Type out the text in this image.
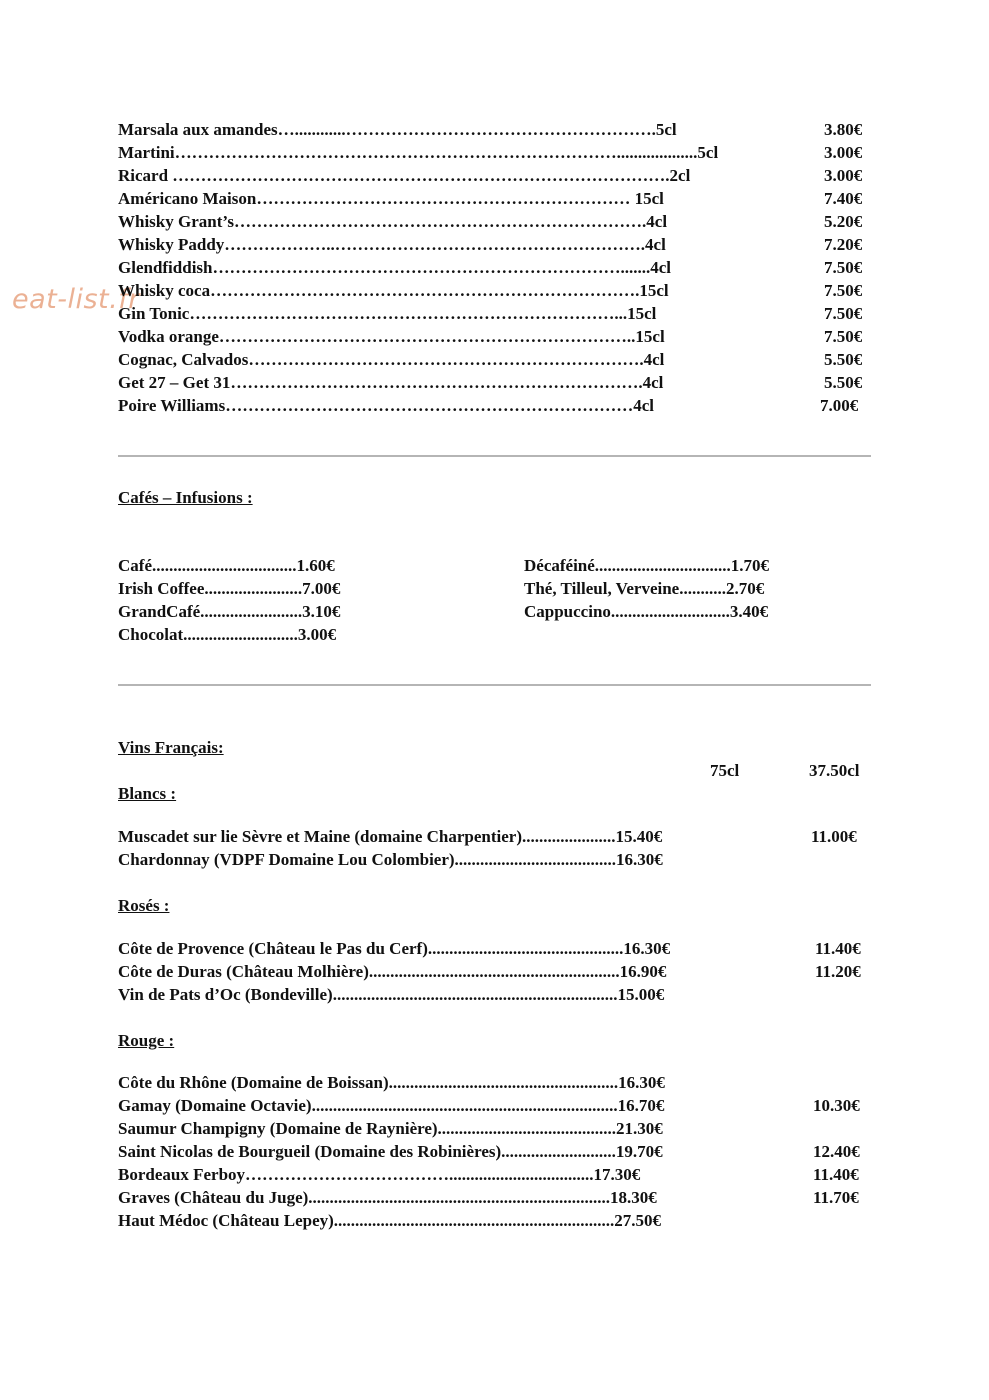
eat-list.fr
Marsala aux amandes…............……………………………………………….5cl	3.80€
Martini……………………………………………………………………...................5cl	3.00€
Ricard …………………………………………………………………………….2cl	3.00€
Américano Maison………………………………………………………… 15cl	7.40€
Whisky Grant’s……………………………………………………………….4cl	5.20€
Whisky Paddy………………..……………………………………………….4cl	7.20€
Glendfiddish……………………………………………………………….......4cl	7.50€
Whisky coca………………………………………………………………….15cl	7.50€
Gin Tonic…………………………………………………………………...15cl	7.50€
Vodka orange………………………………………………………………..15cl	7.50€
Cognac, Calvados…………………………………………………………….4cl	5.50€
Get 27 – Get 31……………………………………………………………….4cl	5.50€
Poire Williams………………………………………………………………4cl	7.00€
Cafés – Infusions :
Café..................................1.60€
Irish Coffee.......................7.00€
GrandCafé........................3.10€
Chocolat...........................3.00€
Décaféiné................................1.70€
Thé, Tilleul, Verveine...........2.70€
Cappuccino............................3.40€
Vins Français:
75cl	37.50cl
Blancs :
Muscadet sur lie Sèvre et Maine (domaine Charpentier)......................15.40€	11.00€
Chardonnay (VDPF Domaine Lou Colombier)......................................16.30€
Rosés :
Côte de Provence (Château le Pas du Cerf)..............................................16.30€	11.40€
Côte de Duras (Château Molhière)...........................................................16.90€	11.20€
Vin de Pats d’Oc (Bondeville)...................................................................15.00€
Rouge :
Côte du Rhône (Domaine de Boissan)......................................................16.30€
Gamay (Domaine Octavie)........................................................................16.70€	10.30€
Saumur Champigny (Domaine de Raynière)..........................................21.30€
Saint Nicolas de Bourgueil (Domaine des Robinières)...........................19.70€	12.40€
Bordeaux Ferboy………………………………..................................17.30€	11.40€
Graves (Château du Juge).......................................................................18.30€	11.70€
Haut Médoc (Château Lepey)..................................................................27.50€
